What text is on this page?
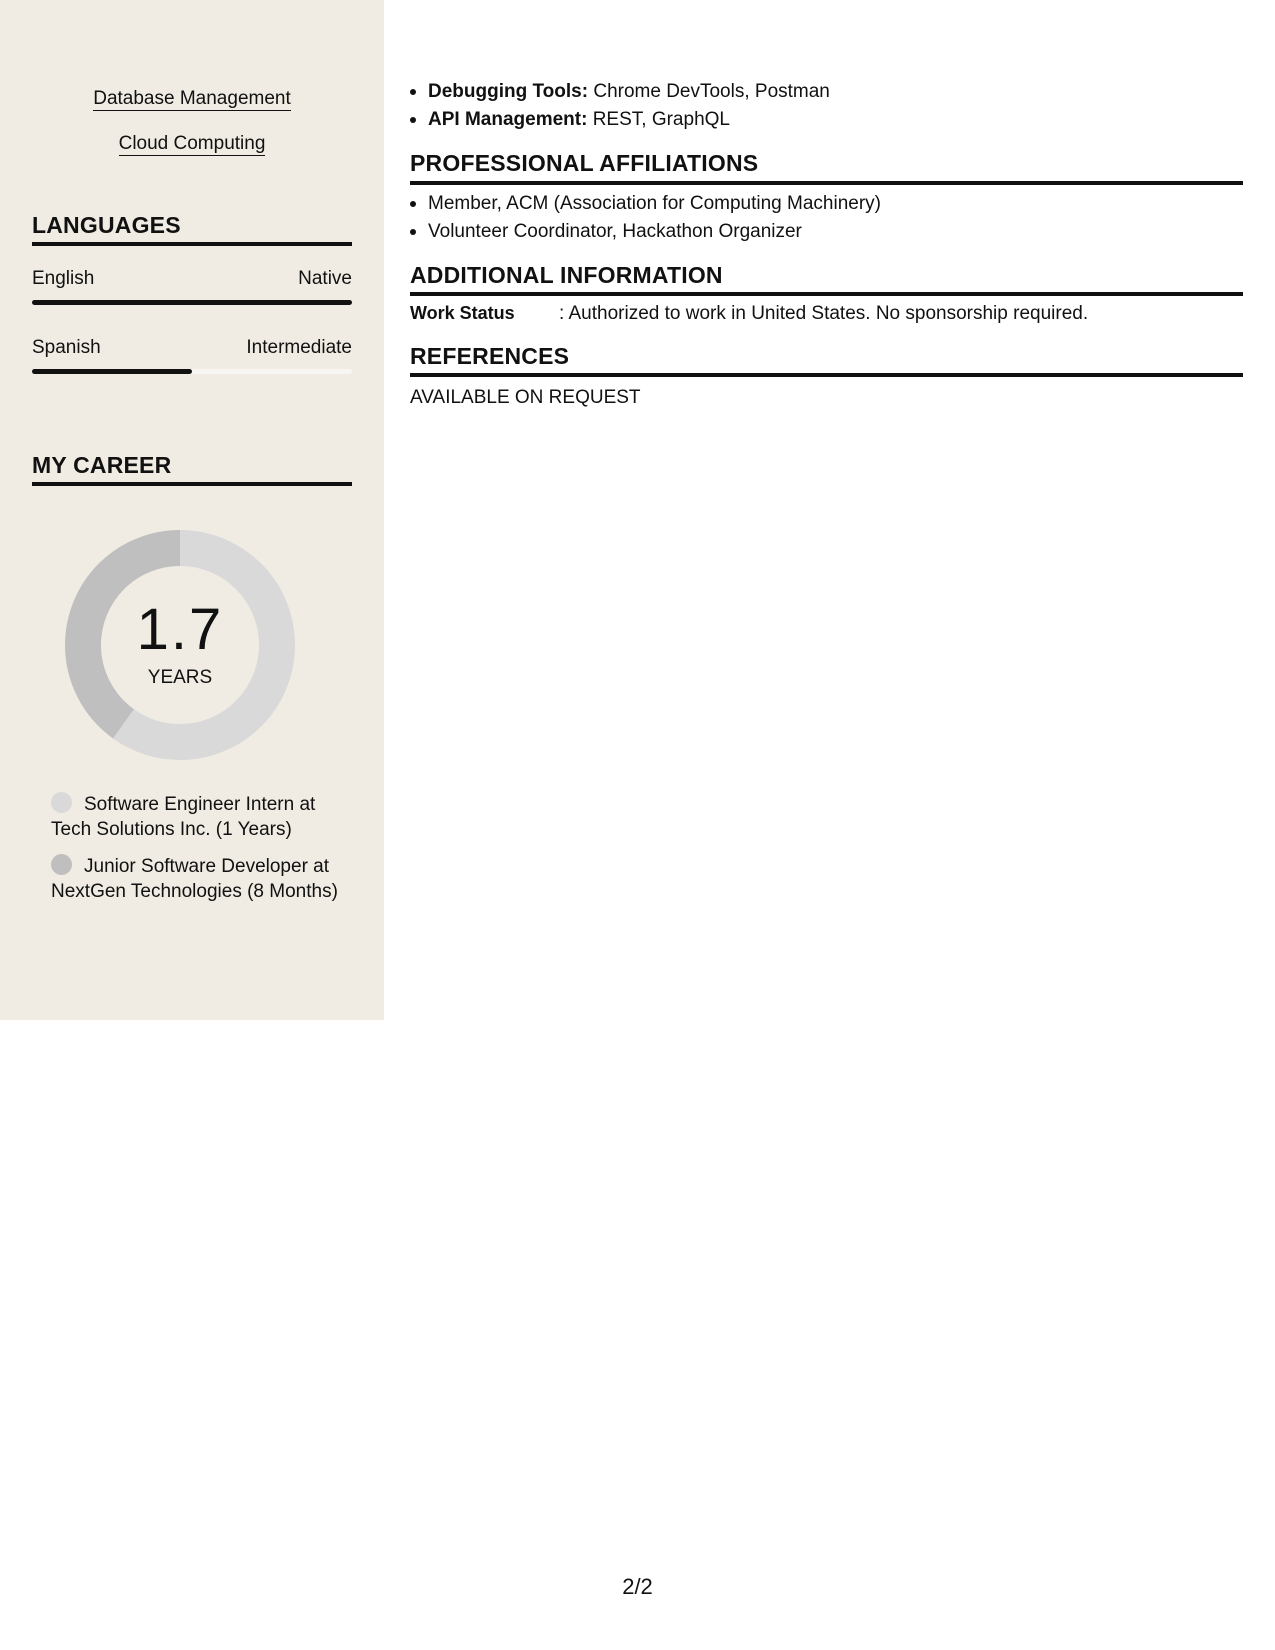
Database Management
Cloud Computing
LANGUAGES
English	Native
Spanish	Intermediate
MY CAREER
1.7
YEARS
Software Engineer Intern at Tech Solutions Inc. (1 Years)
Junior Software Developer at NextGen Technologies (8 Months)
Debugging Tools: Chrome DevTools, Postman
API Management: REST, GraphQL
PROFESSIONAL AFFILIATIONS
Member, ACM (Association for Computing Machinery)
Volunteer Coordinator, Hackathon Organizer
ADDITIONAL INFORMATION
Work Status : Authorized to work in United States. No sponsorship required.
REFERENCES
AVAILABLE ON REQUEST
2/2
